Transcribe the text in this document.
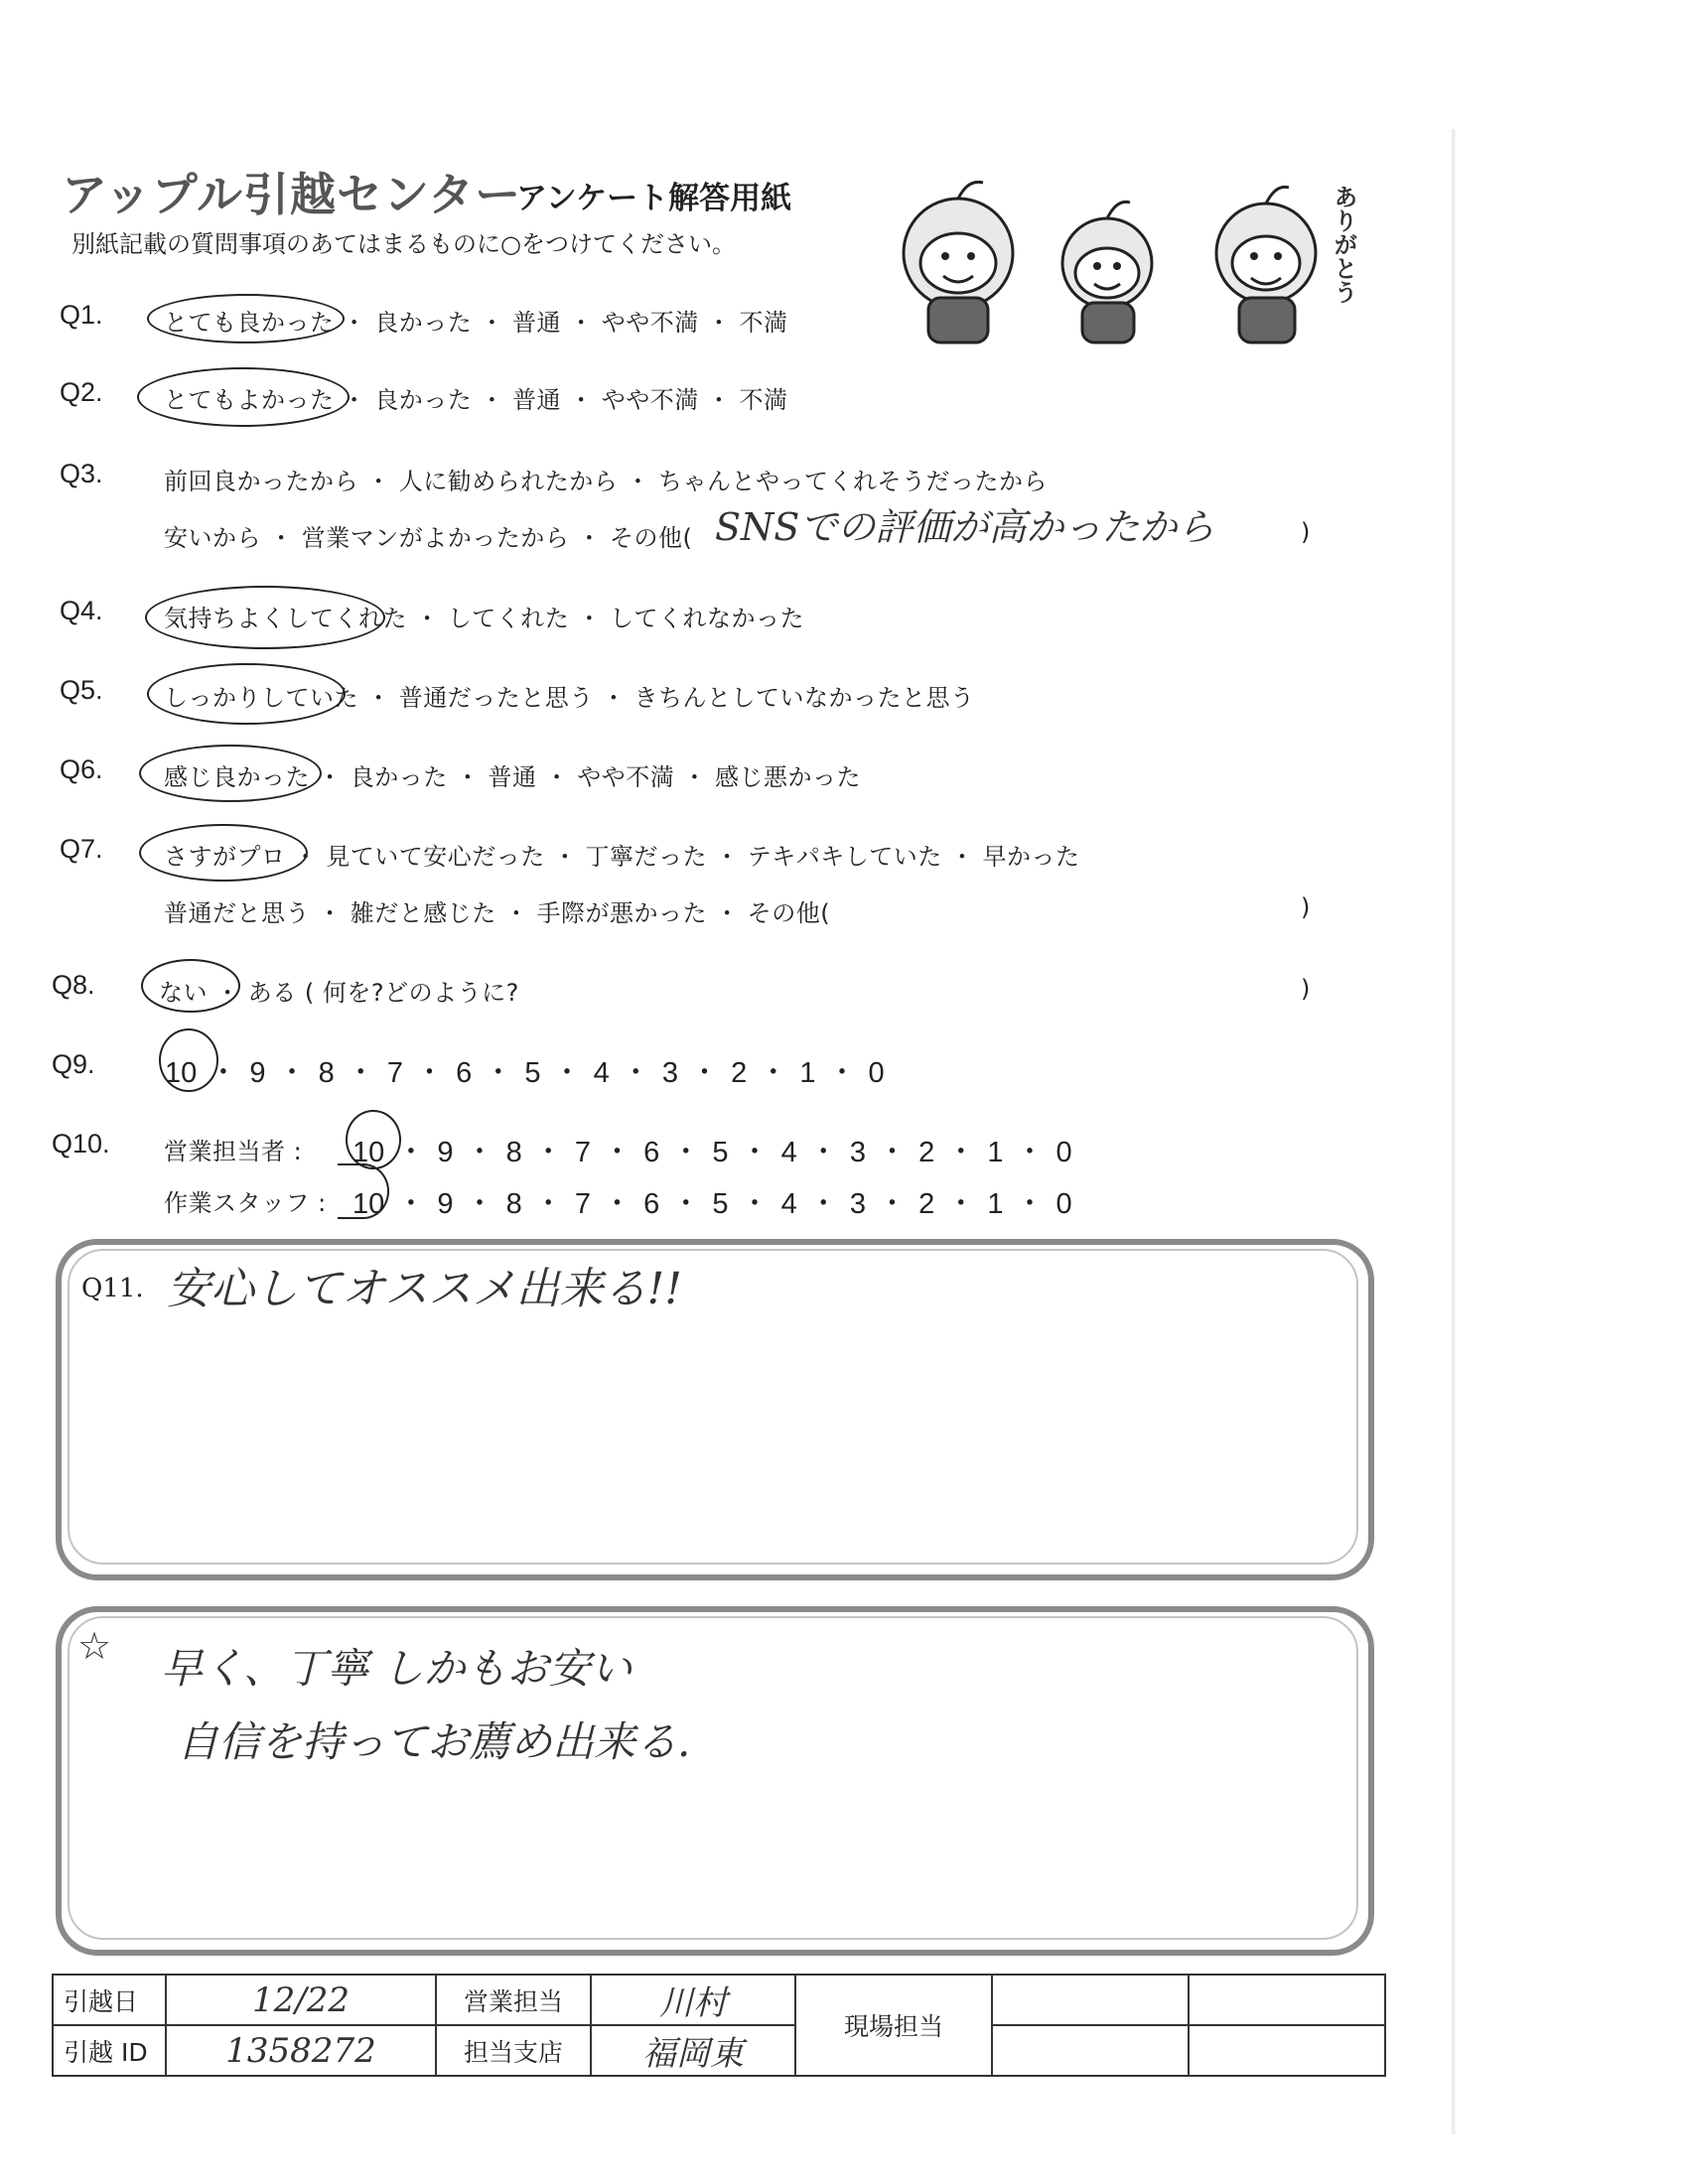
アップル引越センター
アンケート解答用紙
別紙記載の質問事項のあてはまるものに○をつけてください。	ありがとう
Q1.	とても良かった ・ 良かった ・ 普通 ・ やや不満 ・ 不満
Q2.	とてもよかった ・ 良かった ・ 普通 ・ やや不満 ・ 不満
Q3.	前回良かったから ・ 人に勧められたから ・ ちゃんとやってくれそうだったから
安いから ・ 営業マンがよかったから ・ その他( SNSでの評価が高かったから	)
Q4.	気持ちよくしてくれた ・ してくれた ・ してくれなかった
Q5.	しっかりしていた ・ 普通だったと思う ・ きちんとしていなかったと思う
Q6.	感じ良かった ・ 良かった ・ 普通 ・ やや不満 ・ 感じ悪かった
Q7.	さすがプロ ・ 見ていて安心だった ・ 丁寧だった ・ テキパキしていた ・ 早かった
普通だと思う ・ 雑だと感じた ・ 手際が悪かった ・ その他(	)
Q8.	ない ・ ある ( 何を?どのように?	)
Q9. 10 ・ 9 ・ 8 ・ 7 ・ 6 ・ 5 ・ 4 ・ 3 ・ 2 ・ 1 ・ 0
Q10. 営業担当者 : 10 ・ 9 ・ 8 ・ 7 ・ 6 ・ 5 ・ 4 ・ 3 ・ 2 ・ 1 ・ 0
作業スタッフ : 10 ・ 9 ・ 8 ・ 7 ・ 6 ・ 5 ・ 4 ・ 3 ・ 2 ・ 1 ・ 0
Q11. 安心してオススメ出来る!!
☆ 早く、丁寧 しかもお安い
自信を持ってお薦め出来る.
引越日	12/22	営業担当	川村	現場担当		
引越 ID	1358272	担当支店	福岡東			
